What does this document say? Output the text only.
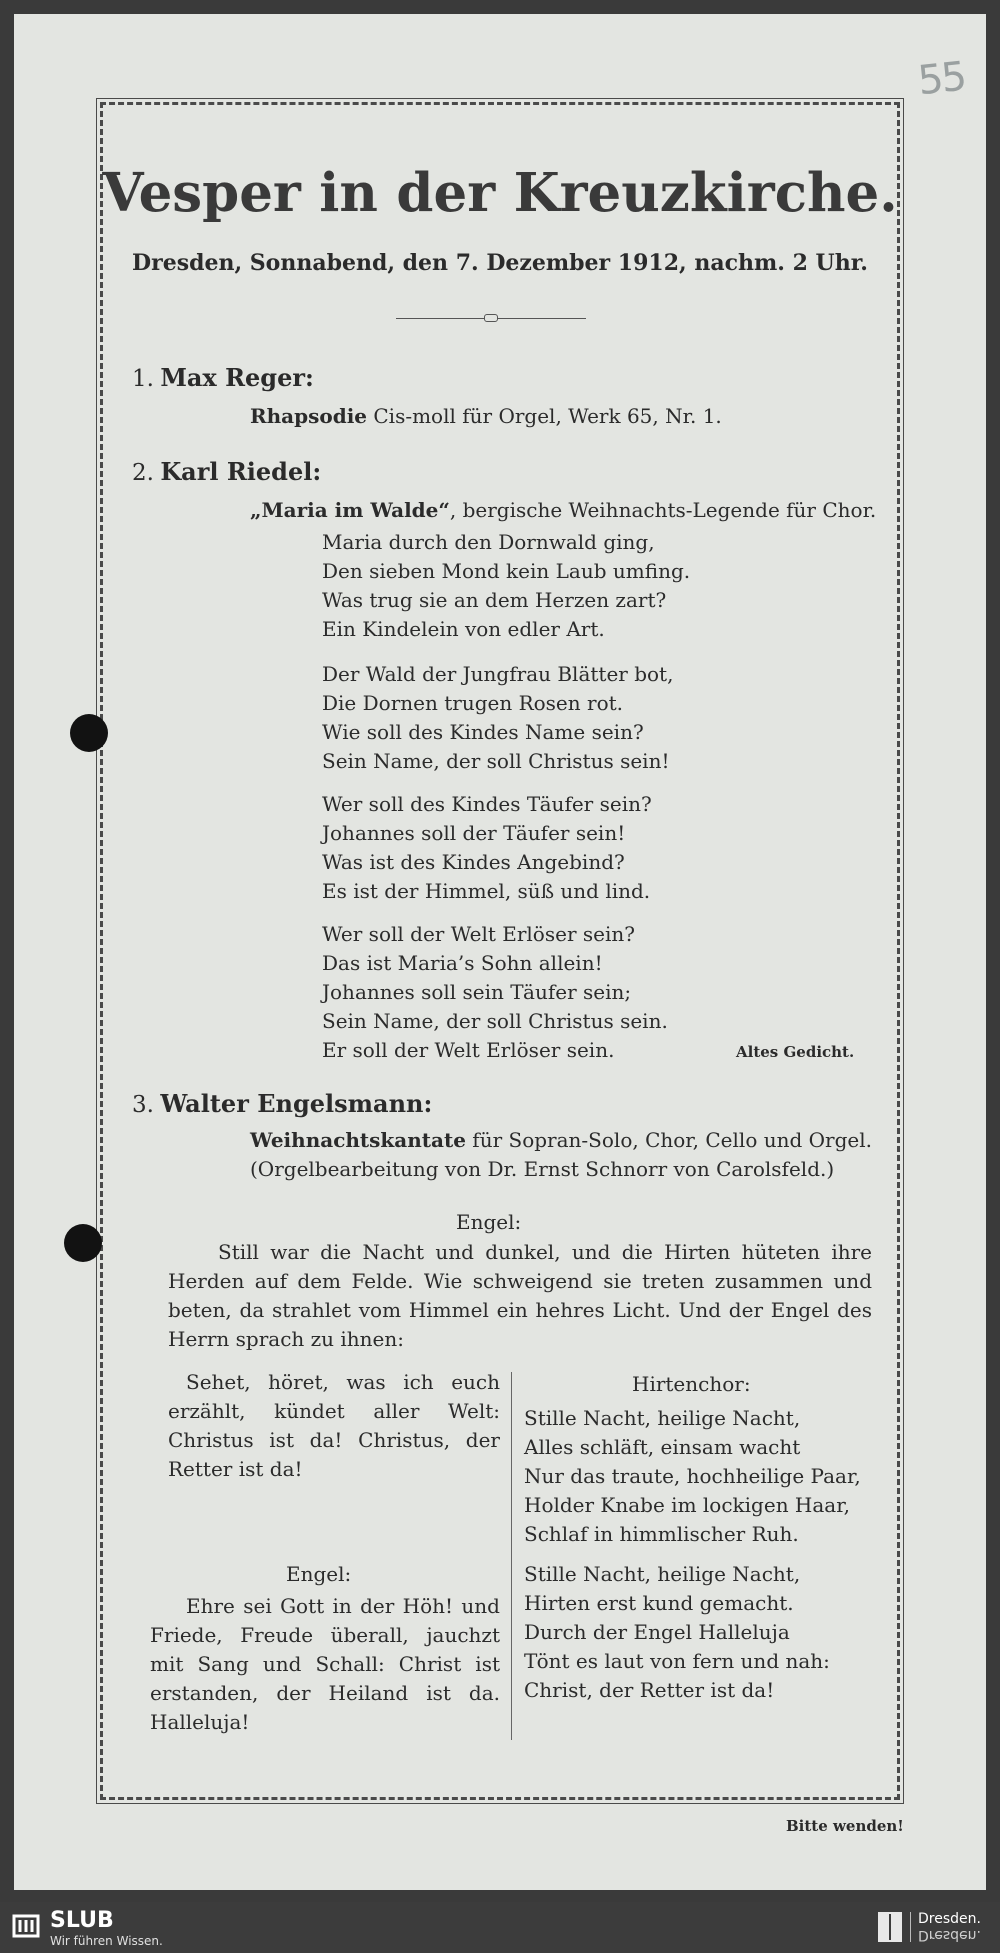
55
Vesper in der Kreuzkirche.
Dresden, Sonnabend, den 7. Dezember 1912, nachm. 2 Uhr.
1. Max Reger:
Rhapsodie Cis-moll für Orgel, Werk 65, Nr. 1.
2. Karl Riedel:
„Maria im Walde“, bergische Weihnachts-Legende für Chor.
Maria durch den Dornwald ging,
Den sieben Mond kein Laub umfing.
Was trug sie an dem Herzen zart?
Ein Kindelein von edler Art.
Der Wald der Jungfrau Blätter bot,
Die Dornen trugen Rosen rot.
Wie soll des Kindes Name sein?
Sein Name, der soll Christus sein!
Wer soll des Kindes Täufer sein?
Johannes soll der Täufer sein!
Was ist des Kindes Angebind?
Es ist der Himmel, süß und lind.
Wer soll der Welt Erlöser sein?
Das ist Maria’s Sohn allein!
Johannes soll sein Täufer sein;
Sein Name, der soll Christus sein.
Er soll der Welt Erlöser sein.	Altes Gedicht.
3. Walter Engelsmann:
Weihnachtskantate für Sopran-Solo, Chor, Cello und Orgel. (Orgelbearbeitung von Dr. Ernst Schnorr von Carolsfeld.)
Engel:
Still war die Nacht und dunkel, und die Hirten hüteten ihre Herden auf dem Felde. Wie schweigend sie treten zusammen und beten, da strahlet vom Himmel ein hehres Licht. Und der Engel des Herrn sprach zu ihnen:
Sehet, höret, was ich euch erzählt, kündet aller Welt: Christus ist da! Christus, der Retter ist da!
Hirtenchor:
Stille Nacht, heilige Nacht,
Alles schläft, einsam wacht
Nur das traute, hochheilige Paar,
Holder Knabe im lockigen Haar,
Schlaf in himmlischer Ruh.
Engel:
Ehre sei Gott in der Höh! und Friede, Freude überall, jauchzt mit Sang und Schall: Christ ist erstanden, der Heiland ist da. Halleluja!
Stille Nacht, heilige Nacht,
Hirten erst kund gemacht.
Durch der Engel Halleluja
Tönt es laut von fern und nah:
Christ, der Retter ist da!
Bitte wenden!
SLUB
Wir führen Wissen.
Dresden.
Dresden.
